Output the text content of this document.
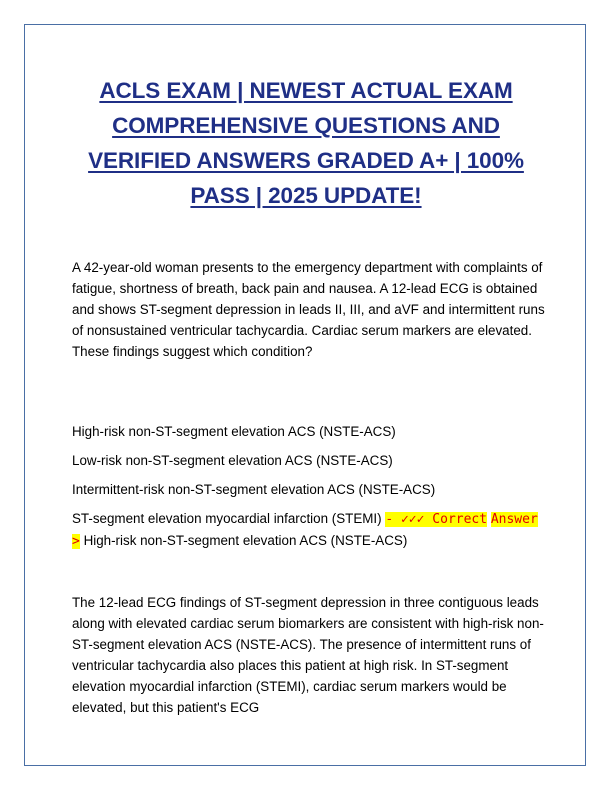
ACLS EXAM | NEWEST ACTUAL EXAM COMPREHENSIVE QUESTIONS AND VERIFIED ANSWERS GRADED A+ | 100% PASS | 2025 UPDATE!

A 42-year-old woman presents to the emergency department with complaints of fatigue, shortness of breath, back pain and nausea. A 12-lead ECG is obtained and shows ST-segment depression in leads II, III, and aVF and intermittent runs of nonsustained ventricular tachycardia. Cardiac serum markers are elevated. These findings suggest which condition?

High-risk non-ST-segment elevation ACS (NSTE-ACS)
Low-risk non-ST-segment elevation ACS (NSTE-ACS)
Intermittent-risk non-ST-segment elevation ACS (NSTE-ACS)
ST-segment elevation myocardial infarction (STEMI) - ✓✓✓ Correct Answer > High-risk non-ST-segment elevation ACS (NSTE-ACS)

The 12-lead ECG findings of ST-segment depression in three contiguous leads along with elevated cardiac serum biomarkers are consistent with high-risk non-ST-segment elevation ACS (NSTE-ACS). The presence of intermittent runs of ventricular tachycardia also places this patient at high risk. In ST-segment elevation myocardial infarction (STEMI), cardiac serum markers would be elevated, but this patient's ECG
